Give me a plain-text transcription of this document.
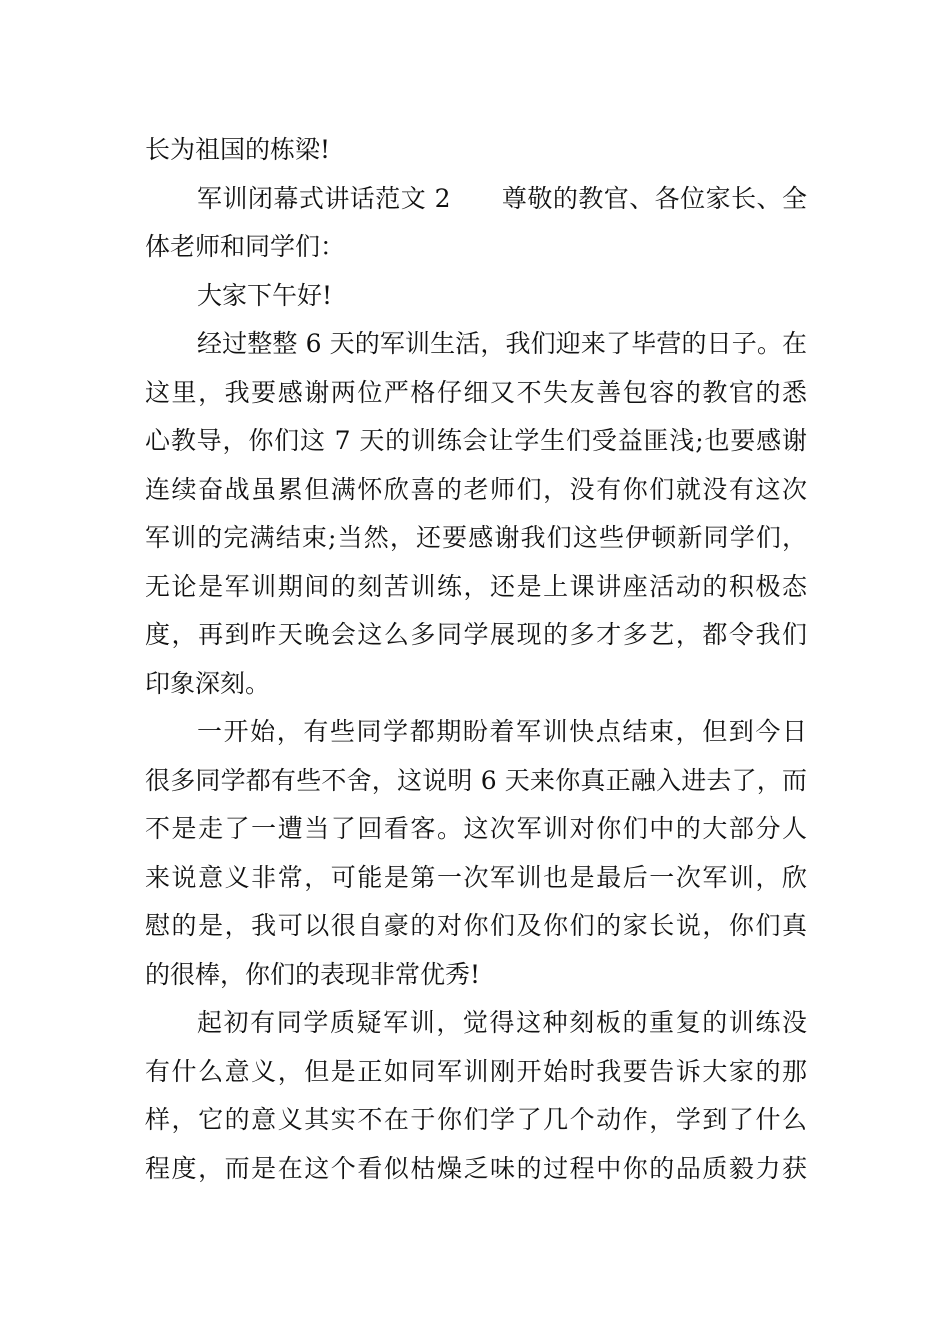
长为祖国的栋梁!
军训闭幕式讲话范文 2　　尊敬的教官、各位家长、全
体老师和同学们：
大家下午好!
经过整整 6 天的军训生活，我们迎来了毕营的日子。在
这里，我要感谢两位严格仔细又不失友善包容的教官的悉
心教导，你们这 7 天的训练会让学生们受益匪浅;也要感谢
连续奋战虽累但满怀欣喜的老师们，没有你们就没有这次
军训的完满结束;当然，还要感谢我们这些伊顿新同学们，
无论是军训期间的刻苦训练，还是上课讲座活动的积极态
度，再到昨天晚会这么多同学展现的多才多艺，都令我们
印象深刻。
一开始，有些同学都期盼着军训快点结束，但到今日
很多同学都有些不舍，这说明 6 天来你真正融入进去了，而
不是走了一遭当了回看客。这次军训对你们中的大部分人
来说意义非常，可能是第一次军训也是最后一次军训，欣
慰的是，我可以很自豪的对你们及你们的家长说，你们真
的很棒，你们的表现非常优秀!
起初有同学质疑军训，觉得这种刻板的重复的训练没
有什么意义，但是正如同军训刚开始时我要告诉大家的那
样，它的意义其实不在于你们学了几个动作，学到了什么
程度，而是在这个看似枯燥乏味的过程中你的品质毅力获
